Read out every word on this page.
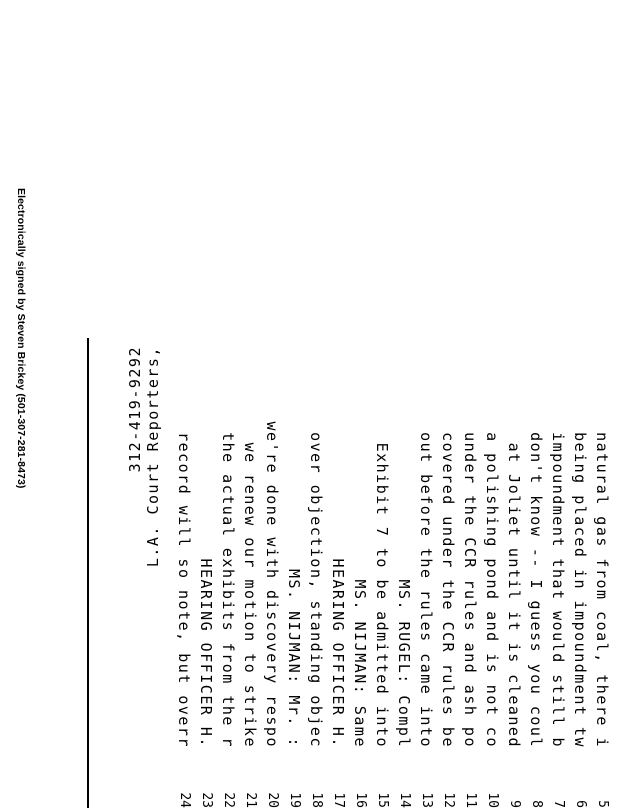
Electronically signed by Steven Brickey (501-307-281-8473)
5
natural gas from coal, there i
6
being placed in impoundment tw
7
impoundment that would still b
8
don't know -- I guess you coul
9
at Joliet until it is cleaned
10
a polishing pond and is not co
11
under the CCR rules and ash po
12
covered under the CCR rules be
13
out before the rules came into
14
MS. RUGEL: Compl
15
Exhibit 7 to be admitted into
16
MS. NIJMAN: Same
17
HEARING OFFICER H.
18
over objection, standing objec
19
MS. NIJMAN: Mr. :
20
we're done with discovery respo
21
we renew our motion to strike
22
the actual exhibits from the r
23
HEARING OFFICER H.
24
record will so note, but overr
L.A. Court Reporters,
312-419-9292
